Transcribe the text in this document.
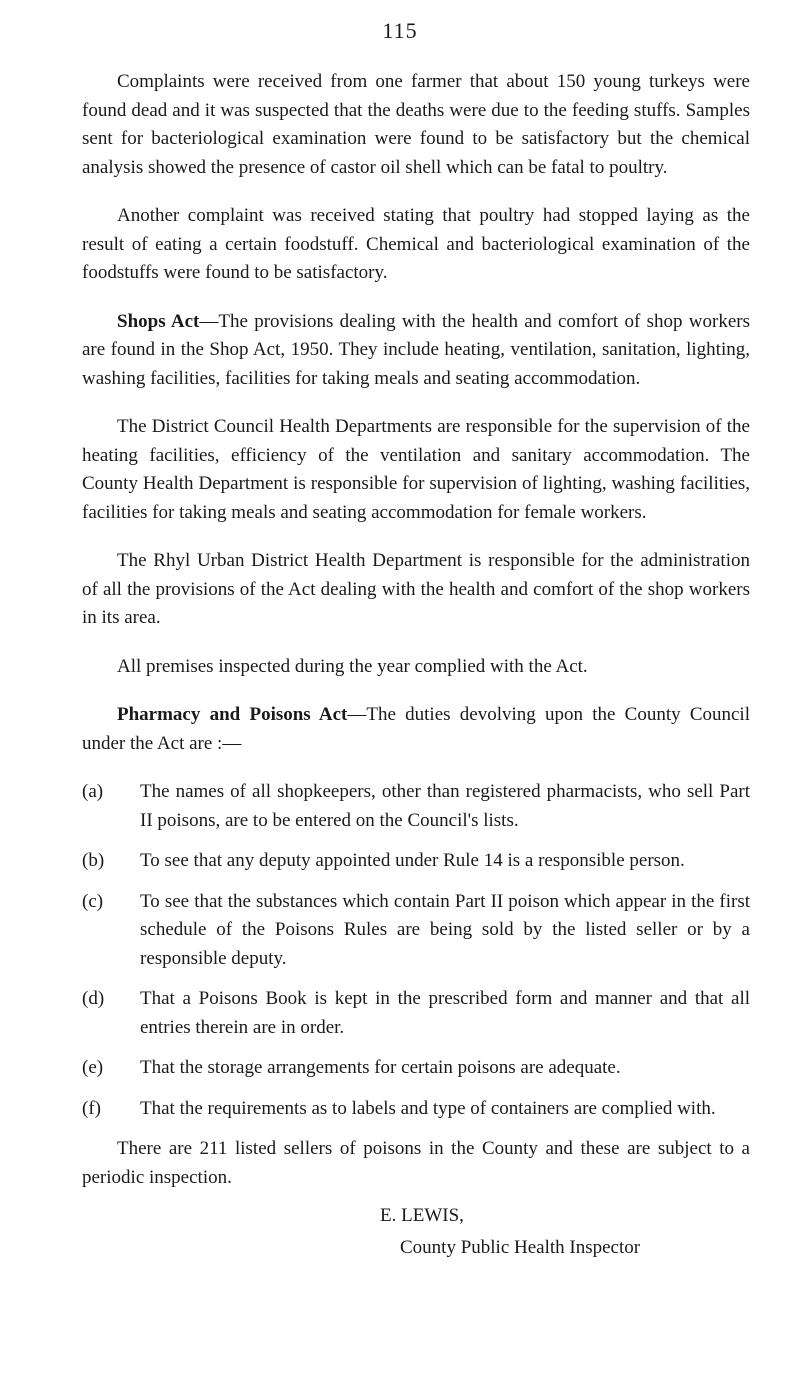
115

Complaints were received from one farmer that about 150 young turkeys were found dead and it was suspected that the deaths were due to the feeding stuffs. Samples sent for bacteriological examination were found to be satisfactory but the chemical analysis showed the presence of castor oil shell which can be fatal to poultry.

Another complaint was received stating that poultry had stopped laying as the result of eating a certain foodstuff. Chemical and bacteriological examination of the foodstuffs were found to be satisfactory.

Shops Act—The provisions dealing with the health and comfort of shop workers are found in the Shop Act, 1950. They include heating, ventilation, sanitation, lighting, washing facilities, facilities for taking meals and seating accommodation.

The District Council Health Departments are responsible for the supervision of the heating facilities, efficiency of the ventilation and sanitary accommodation. The County Health Department is responsible for supervision of lighting, washing facilities, facilities for taking meals and seating accommodation for female workers.

The Rhyl Urban District Health Department is responsible for the administration of all the provisions of the Act dealing with the health and comfort of the shop workers in its area.

All premises inspected during the year complied with the Act.

Pharmacy and Poisons Act—The duties devolving upon the County Council under the Act are :—

(a) The names of all shopkeepers, other than registered pharmacists, who sell Part II poisons, are to be entered on the Council's lists.
(b) To see that any deputy appointed under Rule 14 is a responsible person.
(c) To see that the substances which contain Part II poison which appear in the first schedule of the Poisons Rules are being sold by the listed seller or by a responsible deputy.
(d) That a Poisons Book is kept in the prescribed form and manner and that all entries therein are in order.
(e) That the storage arrangements for certain poisons are adequate.
(f) That the requirements as to labels and type of containers are complied with.

There are 211 listed sellers of poisons in the County and these are subject to a periodic inspection.

E. LEWIS,
County Public Health Inspector
